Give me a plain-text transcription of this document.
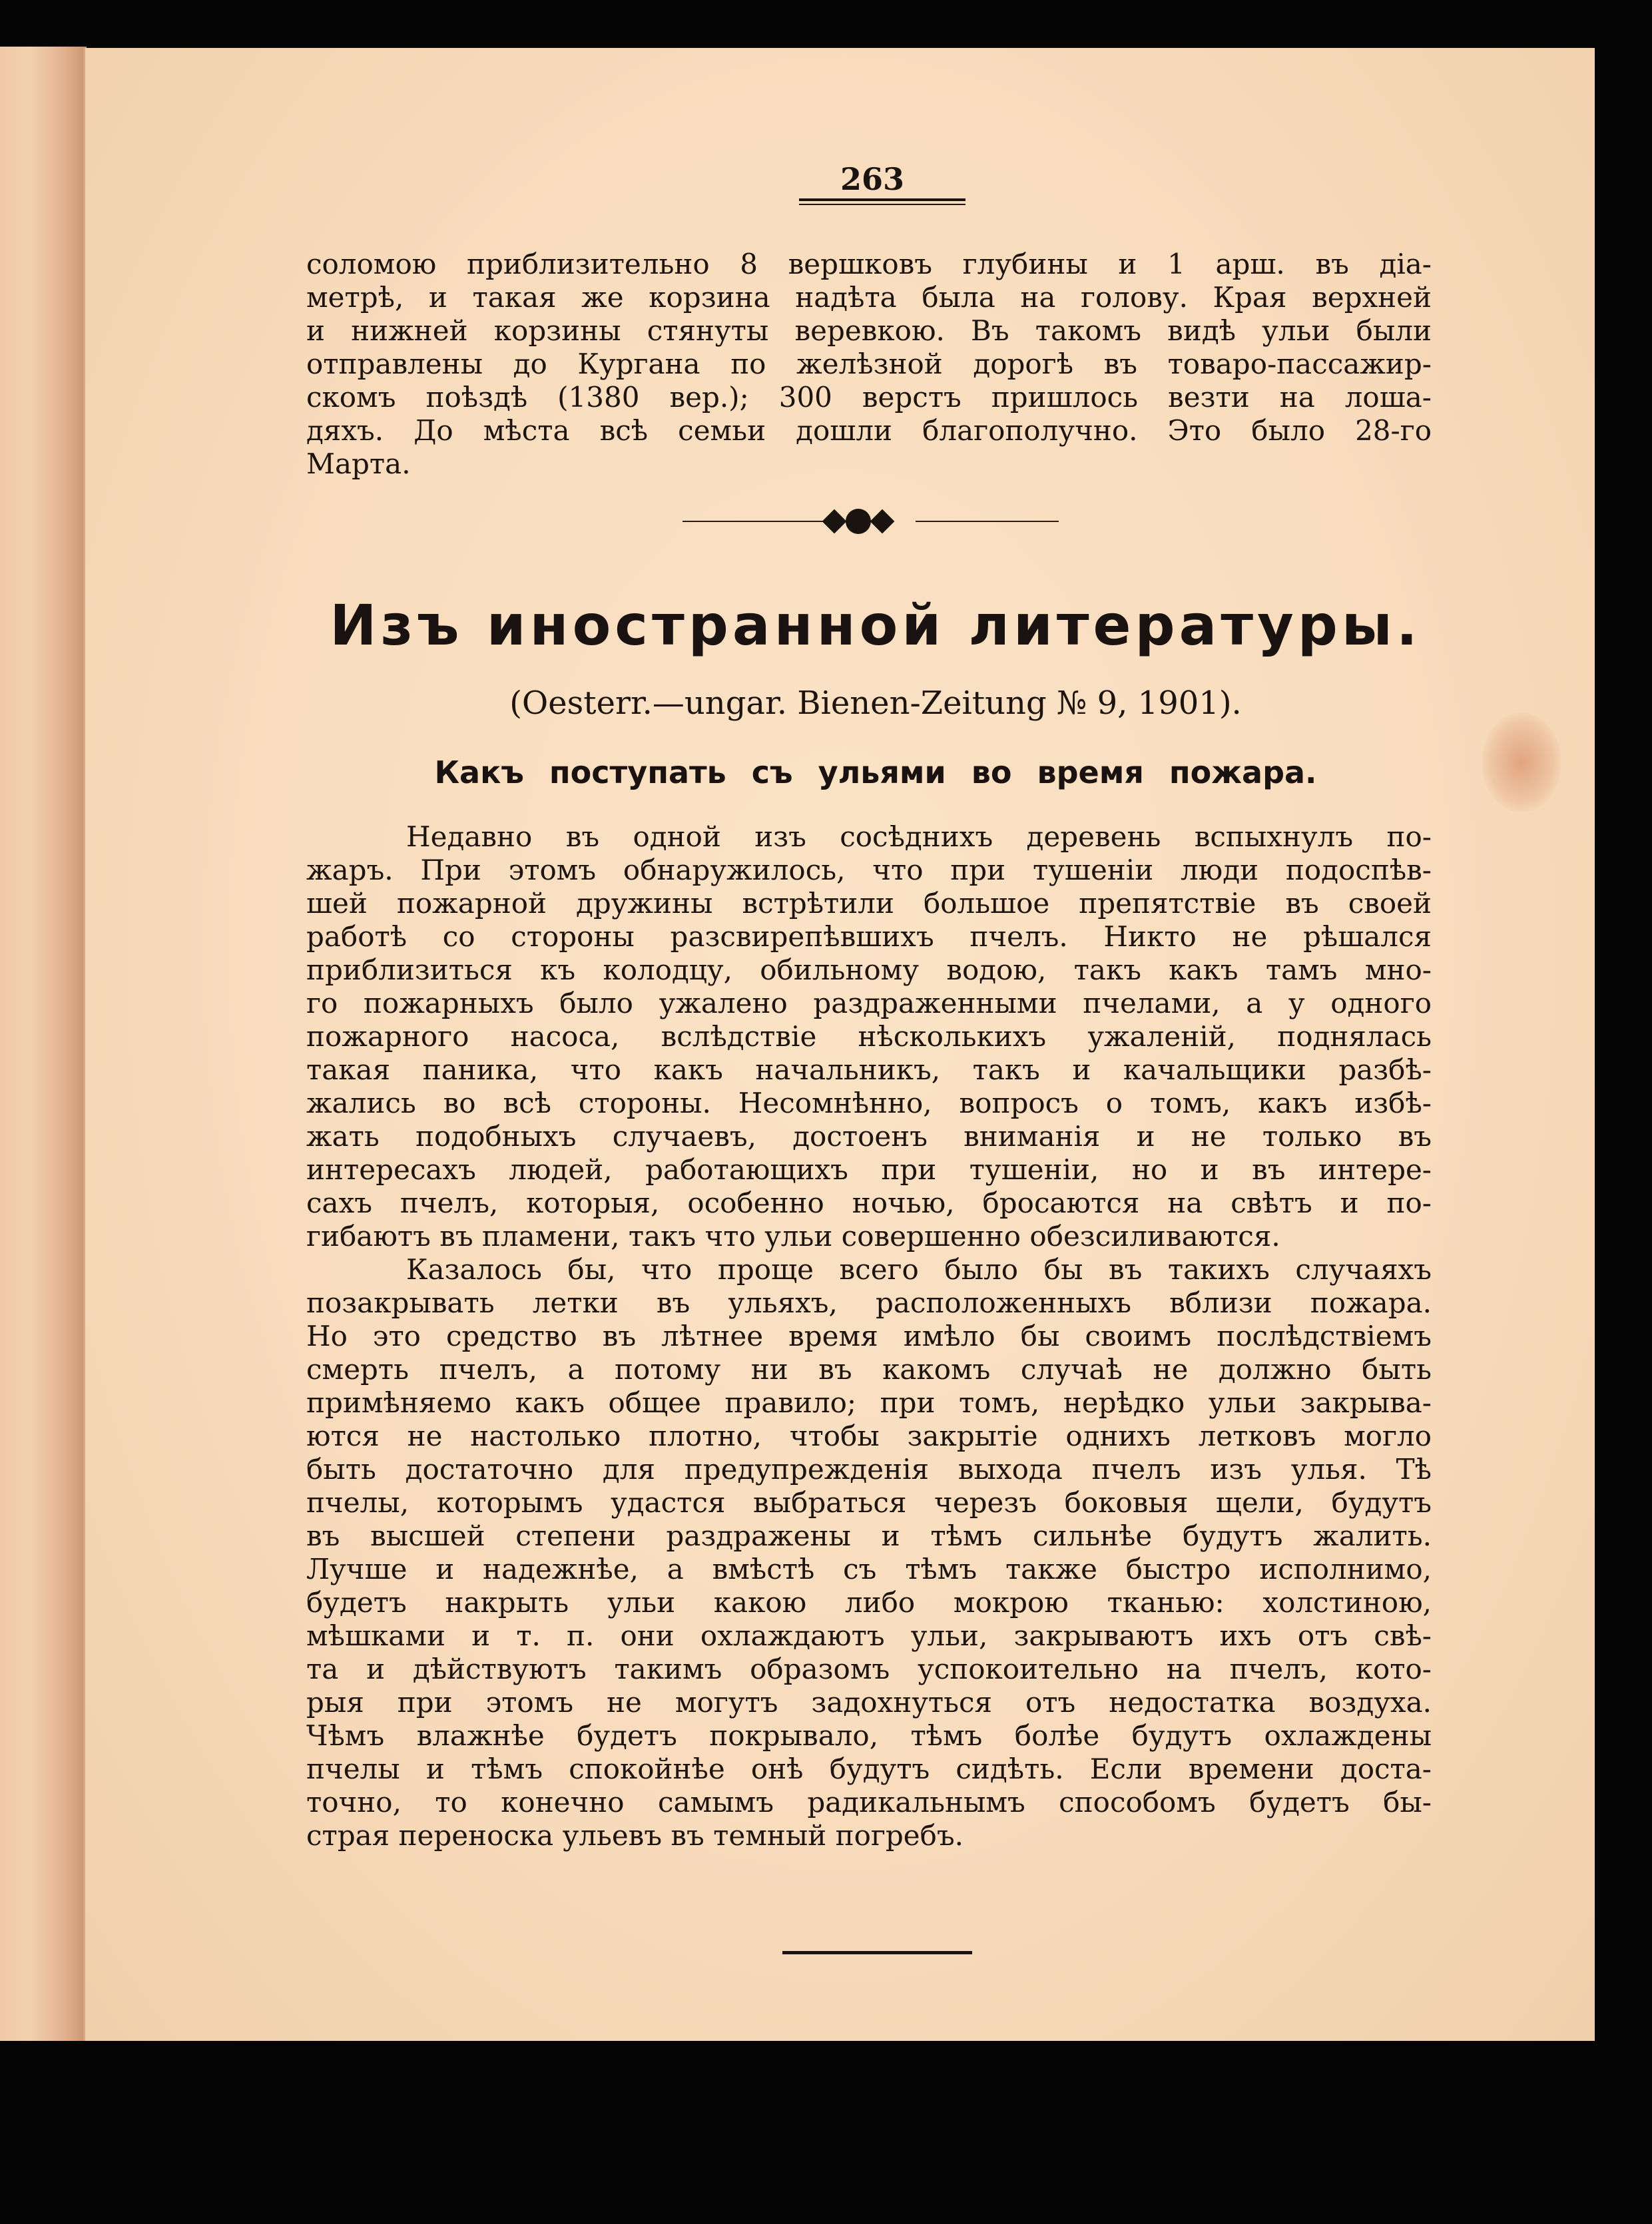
263
соломою приблизительно 8 вершковъ глубины и 1 арш. въ діа-
метрѣ, и такая же корзина надѣта была на голову. Края верхней
и нижней корзины стянуты веревкою. Въ такомъ видѣ ульи были
отправлены до Кургана по желѣзной дорогѣ въ товаро-пассажир-
скомъ поѣздѣ (1380 вер.); 300 верстъ пришлось везти на лоша-
дяхъ. До мѣста всѣ семьи дошли благополучно. Это было 28-го
Марта.
Изъ иностранной литературы.
(Oesterr.—ungar. Bienen-Zeitung № 9, 1901).
Какъ поступать съ ульями во время пожара.
Недавно въ одной изъ сосѣднихъ деревень вспыхнулъ по-
жаръ. При этомъ обнаружилось, что при тушеніи люди подоспѣв-
шей пожарной дружины встрѣтили большое препятствіе въ своей
работѣ со стороны разсвирепѣвшихъ пчелъ. Никто не рѣшался
приблизиться къ колодцу, обильному водою, такъ какъ тамъ мно-
го пожарныхъ было ужалено раздраженными пчелами, а у одного
пожарного насоса, вслѣдствіе нѣсколькихъ ужаленій, поднялась
такая паника, что какъ начальникъ, такъ и качальщики разбѣ-
жались во всѣ стороны. Несомнѣнно, вопросъ о томъ, какъ избѣ-
жать подобныхъ случаевъ, достоенъ вниманія и не только въ
интересахъ людей, работающихъ при тушеніи, но и въ интере-
сахъ пчелъ, которыя, особенно ночью, бросаются на свѣтъ и по-
гибаютъ въ пламени, такъ что ульи совершенно обезсиливаются.
Казалось бы, что проще всего было бы въ такихъ случаяхъ
позакрывать летки въ ульяхъ, расположенныхъ вблизи пожара.
Но это средство въ лѣтнее время имѣло бы своимъ послѣдствіемъ
смерть пчелъ, а потому ни въ какомъ случаѣ не должно быть
примѣняемо какъ общее правило; при томъ, нерѣдко ульи закрыва-
ются не настолько плотно, чтобы закрытіе однихъ летковъ могло
быть достаточно для предупрежденія выхода пчелъ изъ улья. Тѣ
пчелы, которымъ удастся выбраться черезъ боковыя щели, будутъ
въ высшей степени раздражены и тѣмъ сильнѣе будутъ жалить.
Лучше и надежнѣе, а вмѣстѣ съ тѣмъ также быстро исполнимо,
будетъ накрыть ульи какою либо мокрою тканью: холстиною,
мѣшками и т. п. они охлаждаютъ ульи, закрываютъ ихъ отъ свѣ-
та и дѣйствуютъ такимъ образомъ успокоительно на пчелъ, кото-
рыя при этомъ не могутъ задохнуться отъ недостатка воздуха.
Чѣмъ влажнѣе будетъ покрывало, тѣмъ болѣе будутъ охлаждены
пчелы и тѣмъ спокойнѣе онѣ будутъ сидѣть. Если времени доста-
точно, то конечно самымъ радикальнымъ способомъ будетъ бы-
страя переноска ульевъ въ темный погребъ.
